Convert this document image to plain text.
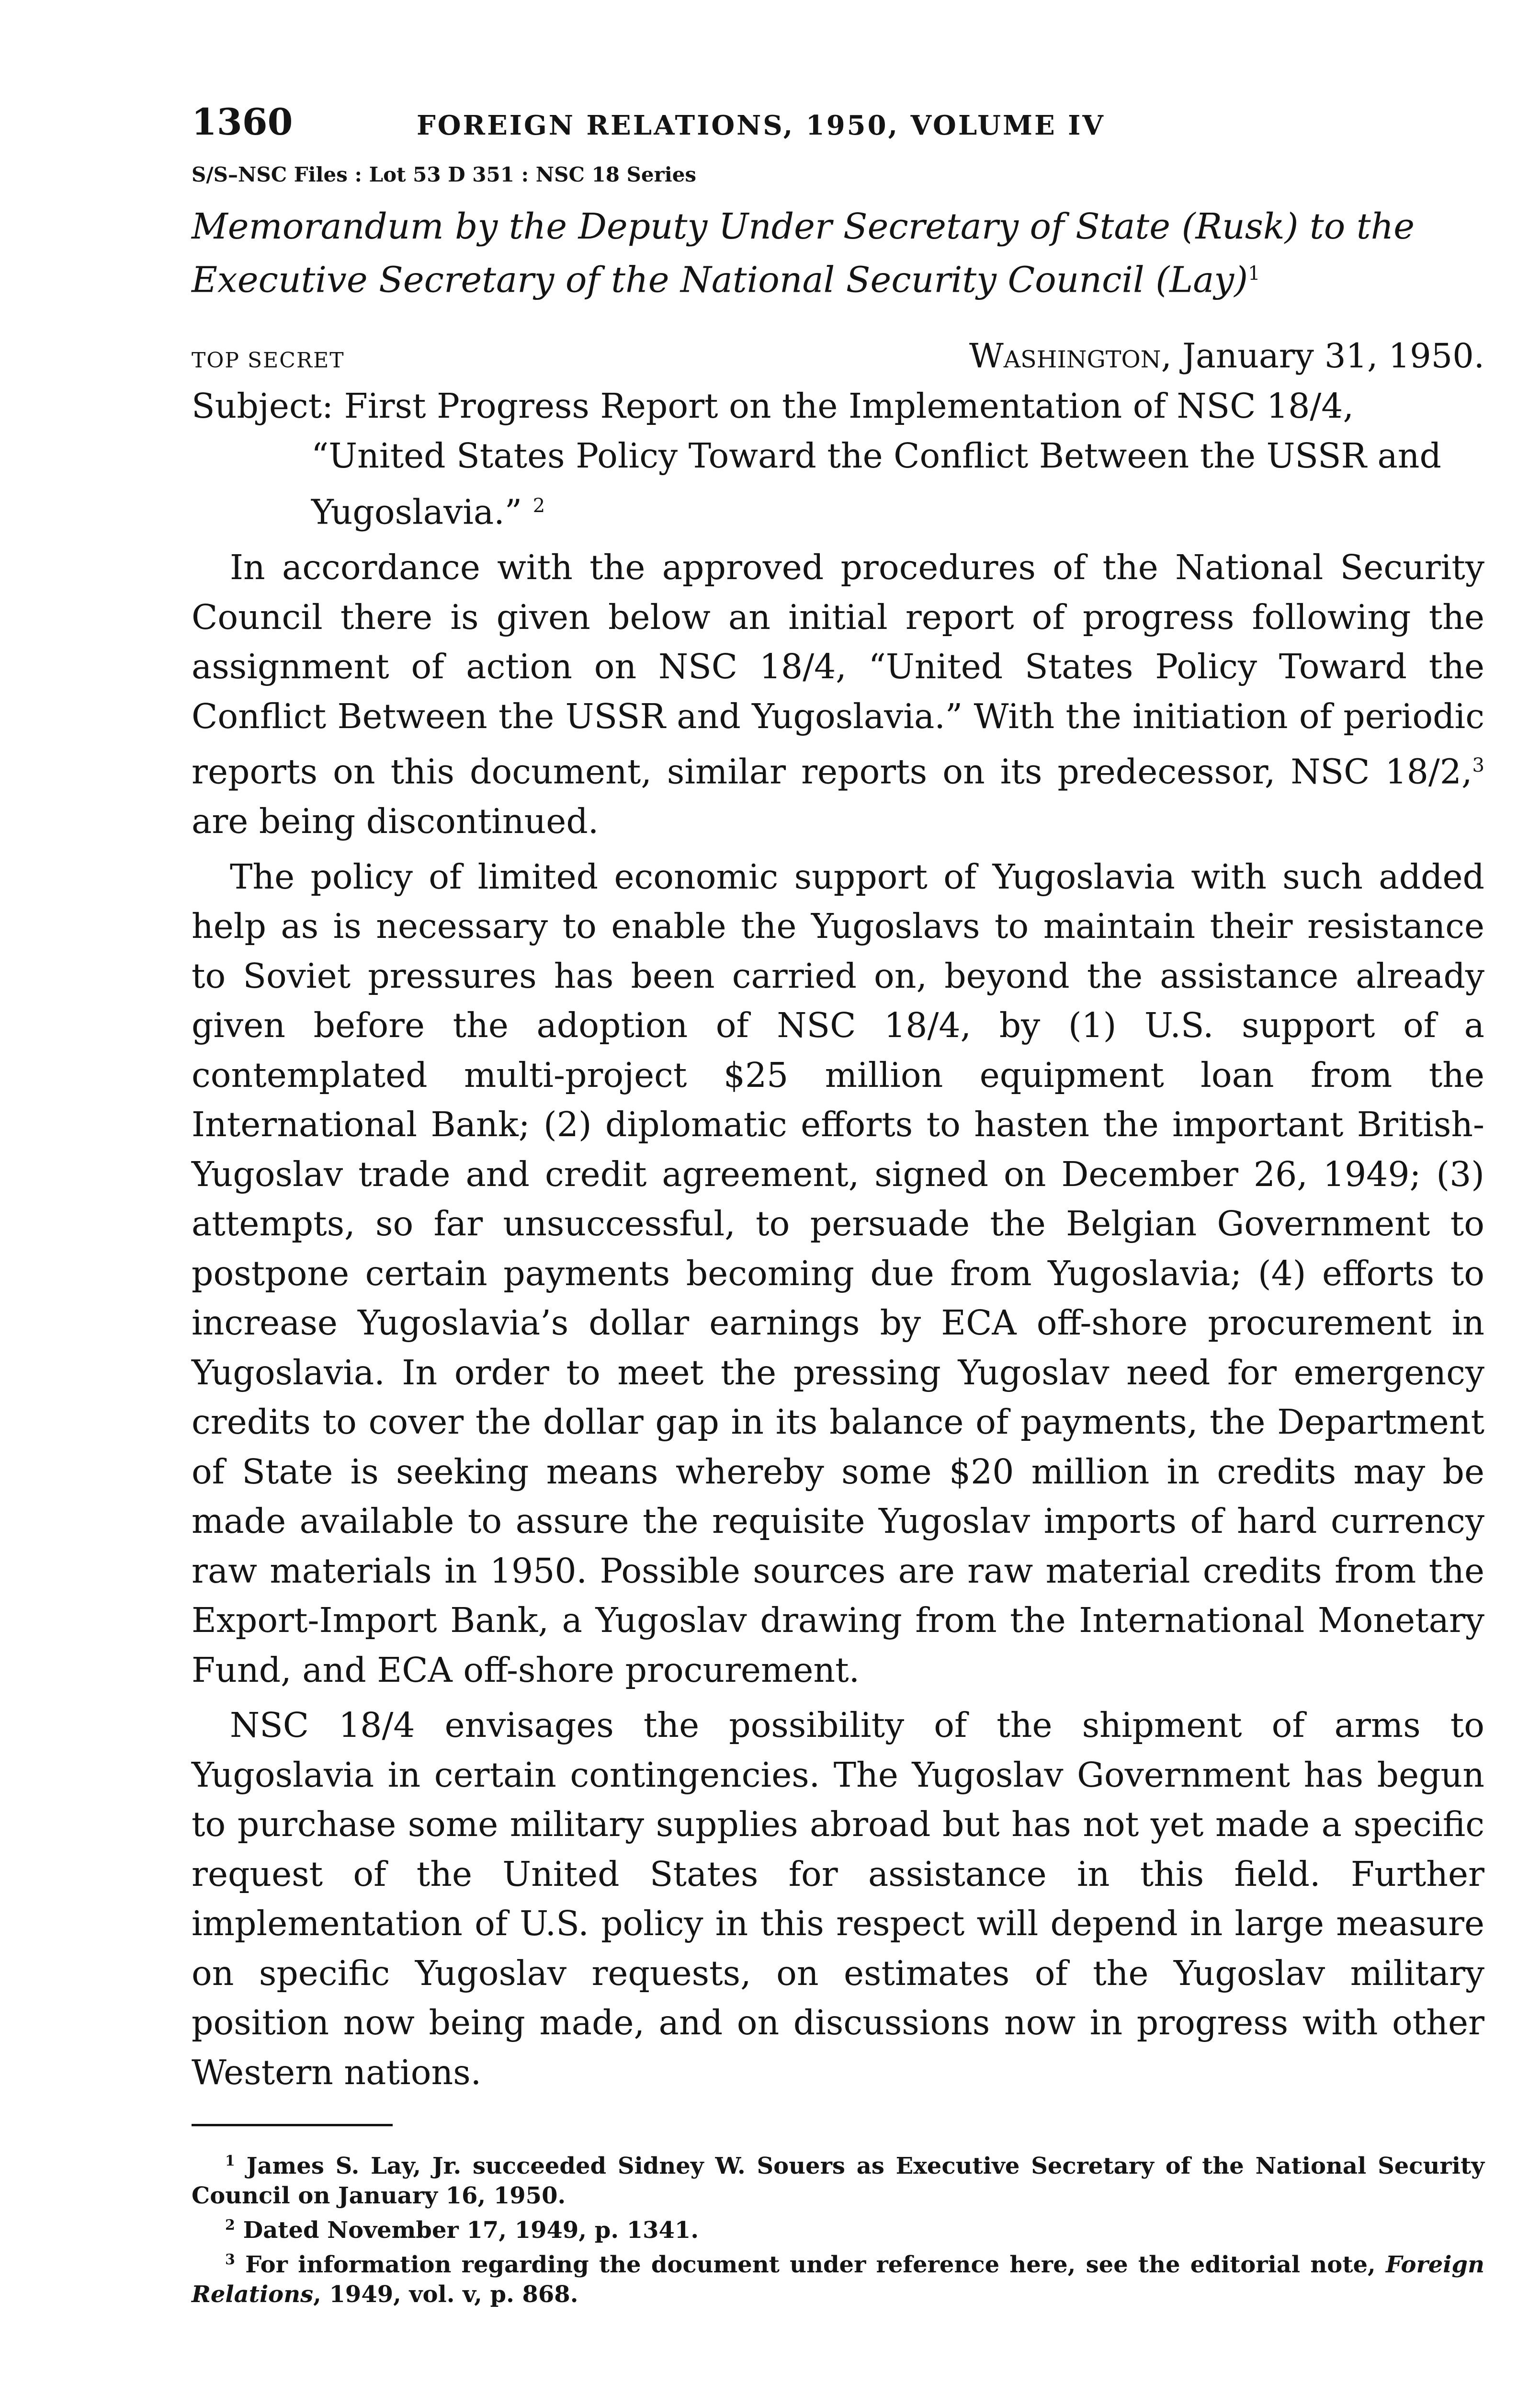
1360	FOREIGN RELATIONS, 1950, VOLUME IV
S/S–NSC Files : Lot 53 D 351 : NSC 18 Series
Memorandum by the Deputy Under Secretary of State (Rusk) to the Executive Secretary of the National Security Council (Lay)$^1$
TOP SECRET	Washington, January 31, 1950.
Subject: First Progress Report on the Implementation of NSC 18/4, “United States Policy Toward the Conflict Between the USSR and Yugoslavia.” $^2$

In accordance with the approved procedures of the National Security Council there is given below an initial report of progress following the assignment of action on NSC 18/4, “United States Policy Toward the Conflict Between the USSR and Yugoslavia.” With the initiation of periodic reports on this document, similar reports on its predecessor, NSC 18/2,$^3$ are being discontinued.

The policy of limited economic support of Yugoslavia with such added help as is necessary to enable the Yugoslavs to maintain their resistance to Soviet pressures has been carried on, beyond the assistance already given before the adoption of NSC 18/4, by (1) U.S. support of a contemplated multi-project $25 million equipment loan from the International Bank; (2) diplomatic efforts to hasten the important British-Yugoslav trade and credit agreement, signed on December 26, 1949; (3) attempts, so far unsuccessful, to persuade the Belgian Government to postpone certain payments becoming due from Yugoslavia; (4) efforts to increase Yugoslavia’s dollar earnings by ECA off-shore procurement in Yugoslavia. In order to meet the pressing Yugoslav need for emergency credits to cover the dollar gap in its balance of payments, the Department of State is seeking means whereby some $20 million in credits may be made available to assure the requisite Yugoslav imports of hard currency raw materials in 1950. Possible sources are raw material credits from the Export-Import Bank, a Yugoslav drawing from the International Monetary Fund, and ECA off-shore procurement.

NSC 18/4 envisages the possibility of the shipment of arms to Yugoslavia in certain contingencies. The Yugoslav Government has begun to purchase some military supplies abroad but has not yet made a specific request of the United States for assistance in this field. Further implementation of U.S. policy in this respect will depend in large measure on specific Yugoslav requests, on estimates of the Yugoslav military position now being made, and on discussions now in progress with other Western nations.

$^1$ James S. Lay, Jr. succeeded Sidney W. Souers as Executive Secretary of the National Security Council on January 16, 1950.

$^2$ Dated November 17, 1949, p. 1341.

$^3$ For information regarding the document under reference here, see the editorial note, Foreign Relations, 1949, vol. v, p. 868.
